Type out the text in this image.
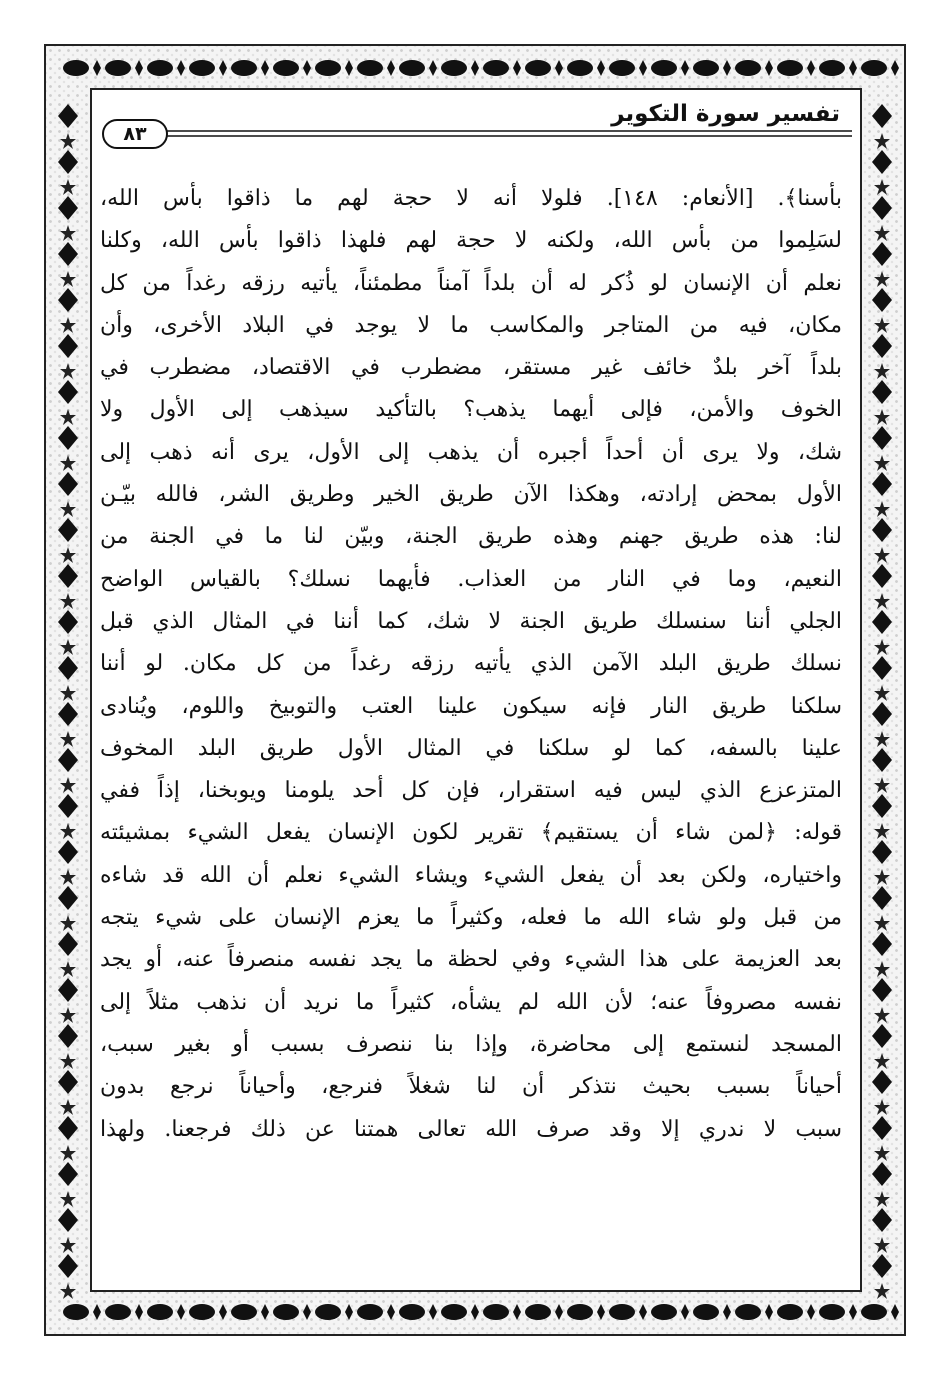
تفسير سورة التكوير
٨٣
بأسنا﴾. [الأنعام: ١٤٨]. فلولا أنه لا حجة لهم ما ذاقوا بأس الله،
لسَلِموا من بأس الله، ولكنه لا حجة لهم فلهذا ذاقوا بأس الله، وكلنا
نعلم أن الإنسان لو ذُكر له أن بلداً آمناً مطمئناً، يأتيه رزقه رغداً من كل
مكان، فيه من المتاجر والمكاسب ما لا يوجد في البلاد الأخرى، وأن
بلداً آخر بلدٌ خائف غير مستقر، مضطرب في الاقتصاد، مضطرب في
الخوف والأمن، فإلى أيهما يذهب؟ بالتأكيد سيذهب إلى الأول ولا
شك، ولا يرى أن أحداً أجبره أن يذهب إلى الأول، يرى أنه ذهب إلى
الأول بمحض إرادته، وهكذا الآن طريق الخير وطريق الشر، فالله بيّـن
لنا: هذه طريق جهنم وهذه طريق الجنة، وبيّن لنا ما في الجنة من
النعيم، وما في النار من العذاب. فأيهما نسلك؟ بالقياس الواضح
الجلي أننا سنسلك طريق الجنة لا شك، كما أننا في المثال الذي قبل
نسلك طريق البلد الآمن الذي يأتيه رزقه رغداً من كل مكان. لو أننا
سلكنا طريق النار فإنه سيكون علينا العتب والتوبيخ واللوم، ويُنادى
علينا بالسفه، كما لو سلكنا في المثال الأول طريق البلد المخوف
المتزعزع الذي ليس فيه استقرار، فإن كل أحد يلومنا ويوبخنا، إذاً ففي
قوله: ﴿لمن شاء أن يستقيم﴾ تقرير لكون الإنسان يفعل الشيء بمشيئته
واختياره، ولكن بعد أن يفعل الشيء ويشاء الشيء نعلم أن الله قد شاءه
من قبل ولو شاء الله ما فعله، وكثيراً ما يعزم الإنسان على شيء يتجه
بعد العزيمة على هذا الشيء وفي لحظة ما يجد نفسه منصرفاً عنه، أو يجد
نفسه مصروفاً عنه؛ لأن الله لم يشأه، كثيراً ما نريد أن نذهب مثلاً إلى
المسجد لنستمع إلى محاضرة، وإذا بنا ننصرف بسبب أو بغير سبب،
أحياناً بسبب بحيث نتذكر أن لنا شغلاً فنرجع، وأحياناً نرجع بدون
سبب لا ندري إلا وقد صرف الله تعالى همتنا عن ذلك فرجعنا. ولهذا
